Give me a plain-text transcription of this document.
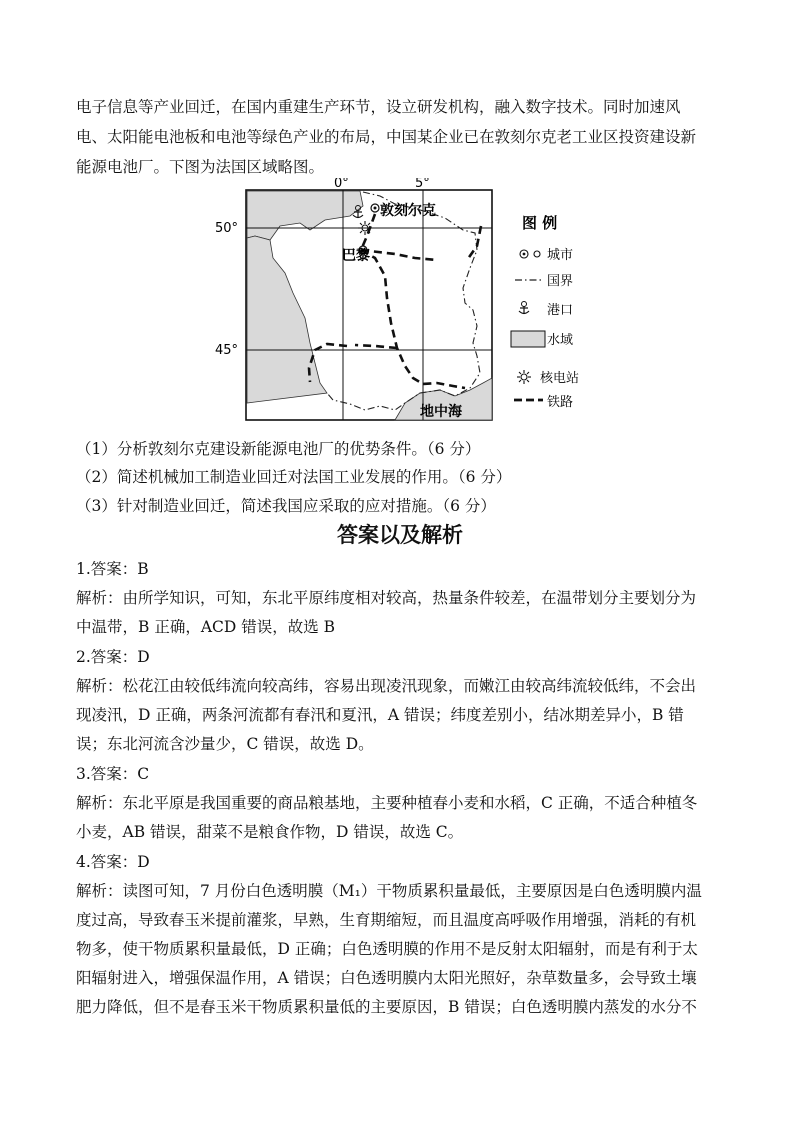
电子信息等产业回迁，在国内重建生产环节，设立研发机构，融入数字技术。同时加速风
电、太阳能电池板和电池等绿色产业的布局，中国某企业已在敦刻尔克老工业区投资建设新
能源电池厂。下图为法国区域略图。
0°	5°
50°
45°
敦刻尔克
巴黎
地中海
图 例
城市
国界
港口
水域
核电站
铁路
（1）分析敦刻尔克建设新能源电池厂的优势条件。（6 分）
（2）简述机械加工制造业回迁对法国工业发展的作用。（6 分）
（3）针对制造业回迁，简述我国应采取的应对措施。（6 分）
答案以及解析
1.答案：B
解析：由所学知识，可知，东北平原纬度相对较高，热量条件较差，在温带划分主要划分为
中温带，B 正确，ACD 错误，故选 B
2.答案：D
解析：松花江由较低纬流向较高纬，容易出现凌汛现象，而嫩江由较高纬流较低纬，不会出
现凌汛，D 正确，两条河流都有春汛和夏汛，A 错误；纬度差别小，结冰期差异小，B 错
误；东北河流含沙量少，C 错误，故选 D。
3.答案：C
解析：东北平原是我国重要的商品粮基地，主要种植春小麦和水稻，C 正确，不适合种植冬
小麦，AB 错误，甜菜不是粮食作物，D 错误，故选 C。
4.答案：D
解析：读图可知，7 月份白色透明膜（M₁）干物质累积量最低，主要原因是白色透明膜内温
度过高，导致春玉米提前灌浆，早熟，生育期缩短，而且温度高呼吸作用增强，消耗的有机
物多，使干物质累积量最低，D 正确；白色透明膜的作用不是反射太阳辐射，而是有利于太
阳辐射进入，增强保温作用，A 错误；白色透明膜内太阳光照好，杂草数量多，会导致土壤
肥力降低，但不是春玉米干物质累积量低的主要原因，B 错误；白色透明膜内蒸发的水分不
